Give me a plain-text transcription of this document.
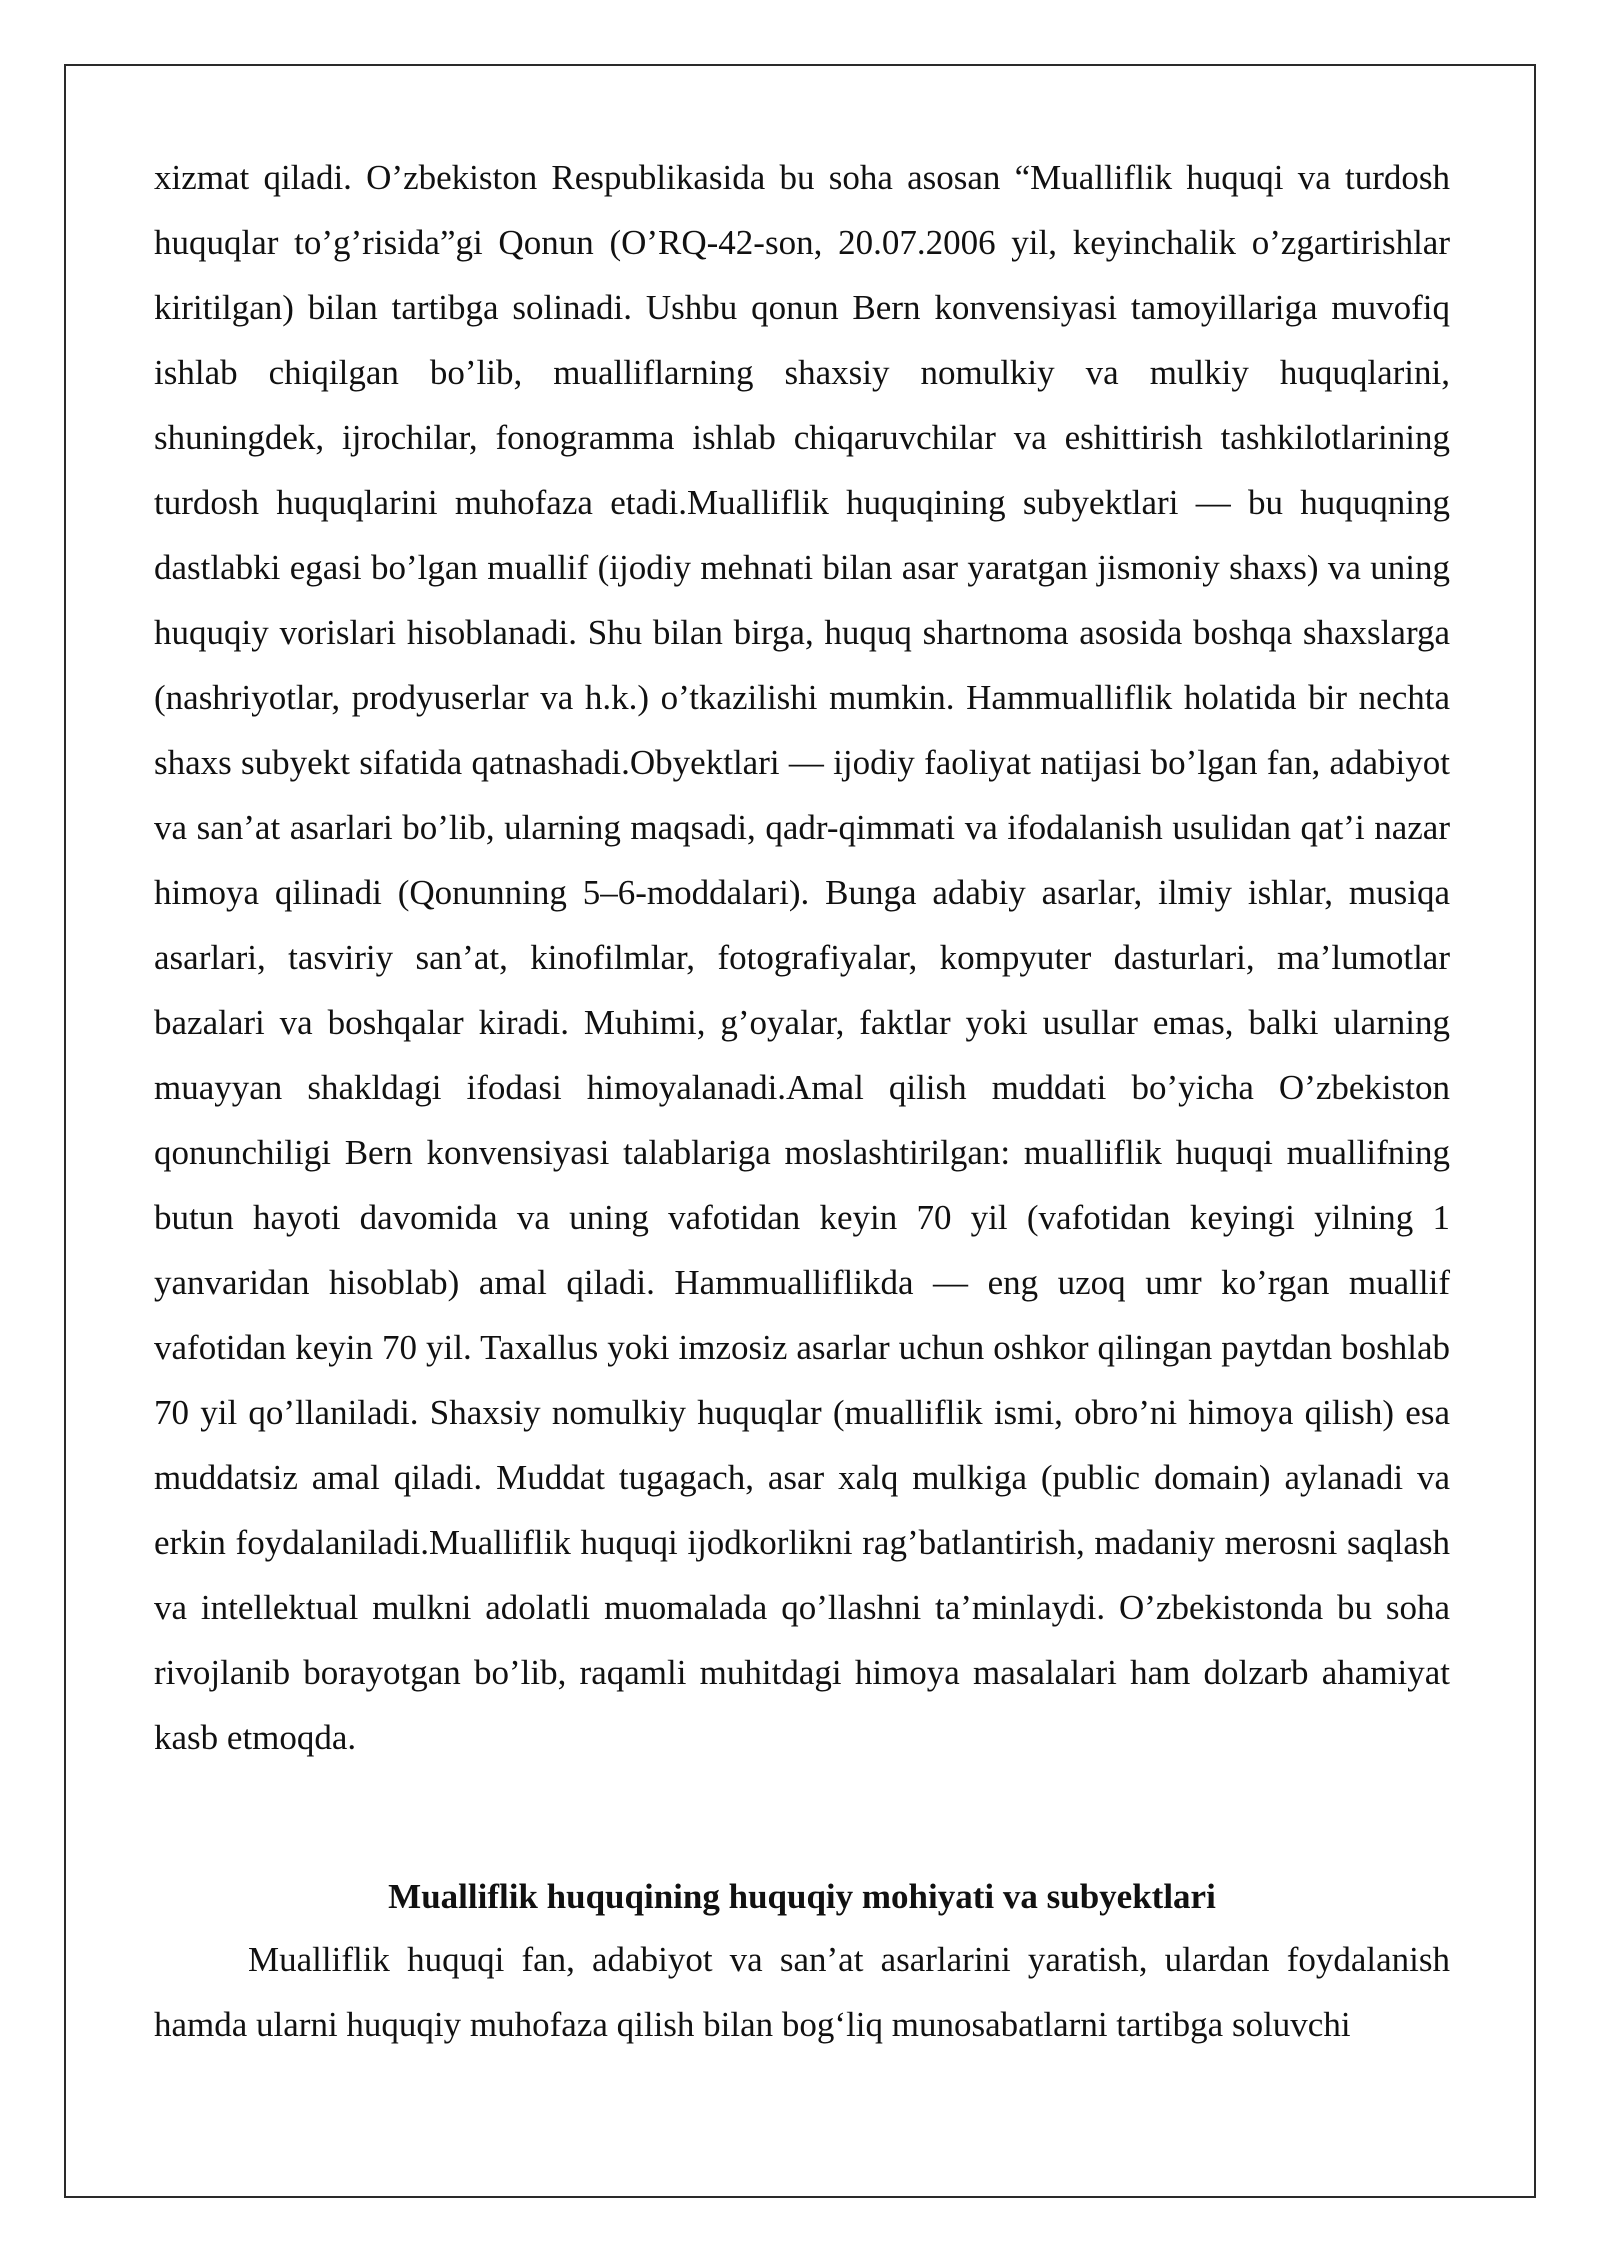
xizmat qiladi. O’zbekiston Respublikasida bu soha asosan “Mualliflik huquqi va turdosh huquqlar to’g’risida”gi Qonun (O’RQ-42-son, 20.07.2006 yil, keyinchalik o’zgartirishlar kiritilgan) bilan tartibga solinadi. Ushbu qonun Bern konvensiyasi tamoyillariga muvofiq ishlab chiqilgan bo’lib, mualliflarning shaxsiy nomulkiy va mulkiy huquqlarini, shuningdek, ijrochilar, fonogramma ishlab chiqaruvchilar va eshittirish tashkilotlarining turdosh huquqlarini muhofaza etadi.Mualliflik huquqining subyektlari — bu huquqning dastlabki egasi bo’lgan muallif (ijodiy mehnati bilan asar yaratgan jismoniy shaxs) va uning huquqiy vorislari hisoblanadi. Shu bilan birga, huquq shartnoma asosida boshqa shaxslarga (nashriyotlar, prodyuserlar va h.k.) o’tkazilishi mumkin. Hammualliflik holatida bir nechta shaxs subyekt sifatida qatnashadi.Obyektlari — ijodiy faoliyat natijasi bo’lgan fan, adabiyot va san’at asarlari bo’lib, ularning maqsadi, qadr-qimmati va ifodalanish usulidan qat’i nazar himoya qilinadi (Qonunning 5–6-moddalari). Bunga adabiy asarlar, ilmiy ishlar, musiqa asarlari, tasviriy san’at, kinofilmlar, fotografiyalar, kompyuter dasturlari, ma’lumotlar bazalari va boshqalar kiradi. Muhimi, g’oyalar, faktlar yoki usullar emas, balki ularning muayyan shakldagi ifodasi himoyalanadi.Amal qilish muddati bo’yicha O’zbekiston qonunchiligi Bern konvensiyasi talablariga moslashtirilgan: mualliflik huquqi muallifning butun hayoti davomida va uning vafotidan keyin 70 yil (vafotidan keyingi yilning 1 yanvaridan hisoblab) amal qiladi. Hammualliflikda — eng uzoq umr ko’rgan muallif vafotidan keyin 70 yil. Taxallus yoki imzosiz asarlar uchun oshkor qilingan paytdan boshlab 70 yil qo’llaniladi. Shaxsiy nomulkiy huquqlar (mualliflik ismi, obro’ni himoya qilish) esa muddatsiz amal qiladi. Muddat tugagach, asar xalq mulkiga (public domain) aylanadi va erkin foydalaniladi.Mualliflik huquqi ijodkorlikni rag’batlantirish, madaniy merosni saqlash va intellektual mulkni adolatli muomalada qo’llashni ta’minlaydi. O’zbekistonda bu soha rivojlanib borayotgan bo’lib, raqamli muhitdagi himoya masalalari ham dolzarb ahamiyat kasb etmoqda.

Mualliflik huquqining huquqiy mohiyati va subyektlari

Mualliflik huquqi fan, adabiyot va san’at asarlarini yaratish, ulardan foydalanish hamda ularni huquqiy muhofaza qilish bilan bog‘liq munosabatlarni tartibga soluvchi
